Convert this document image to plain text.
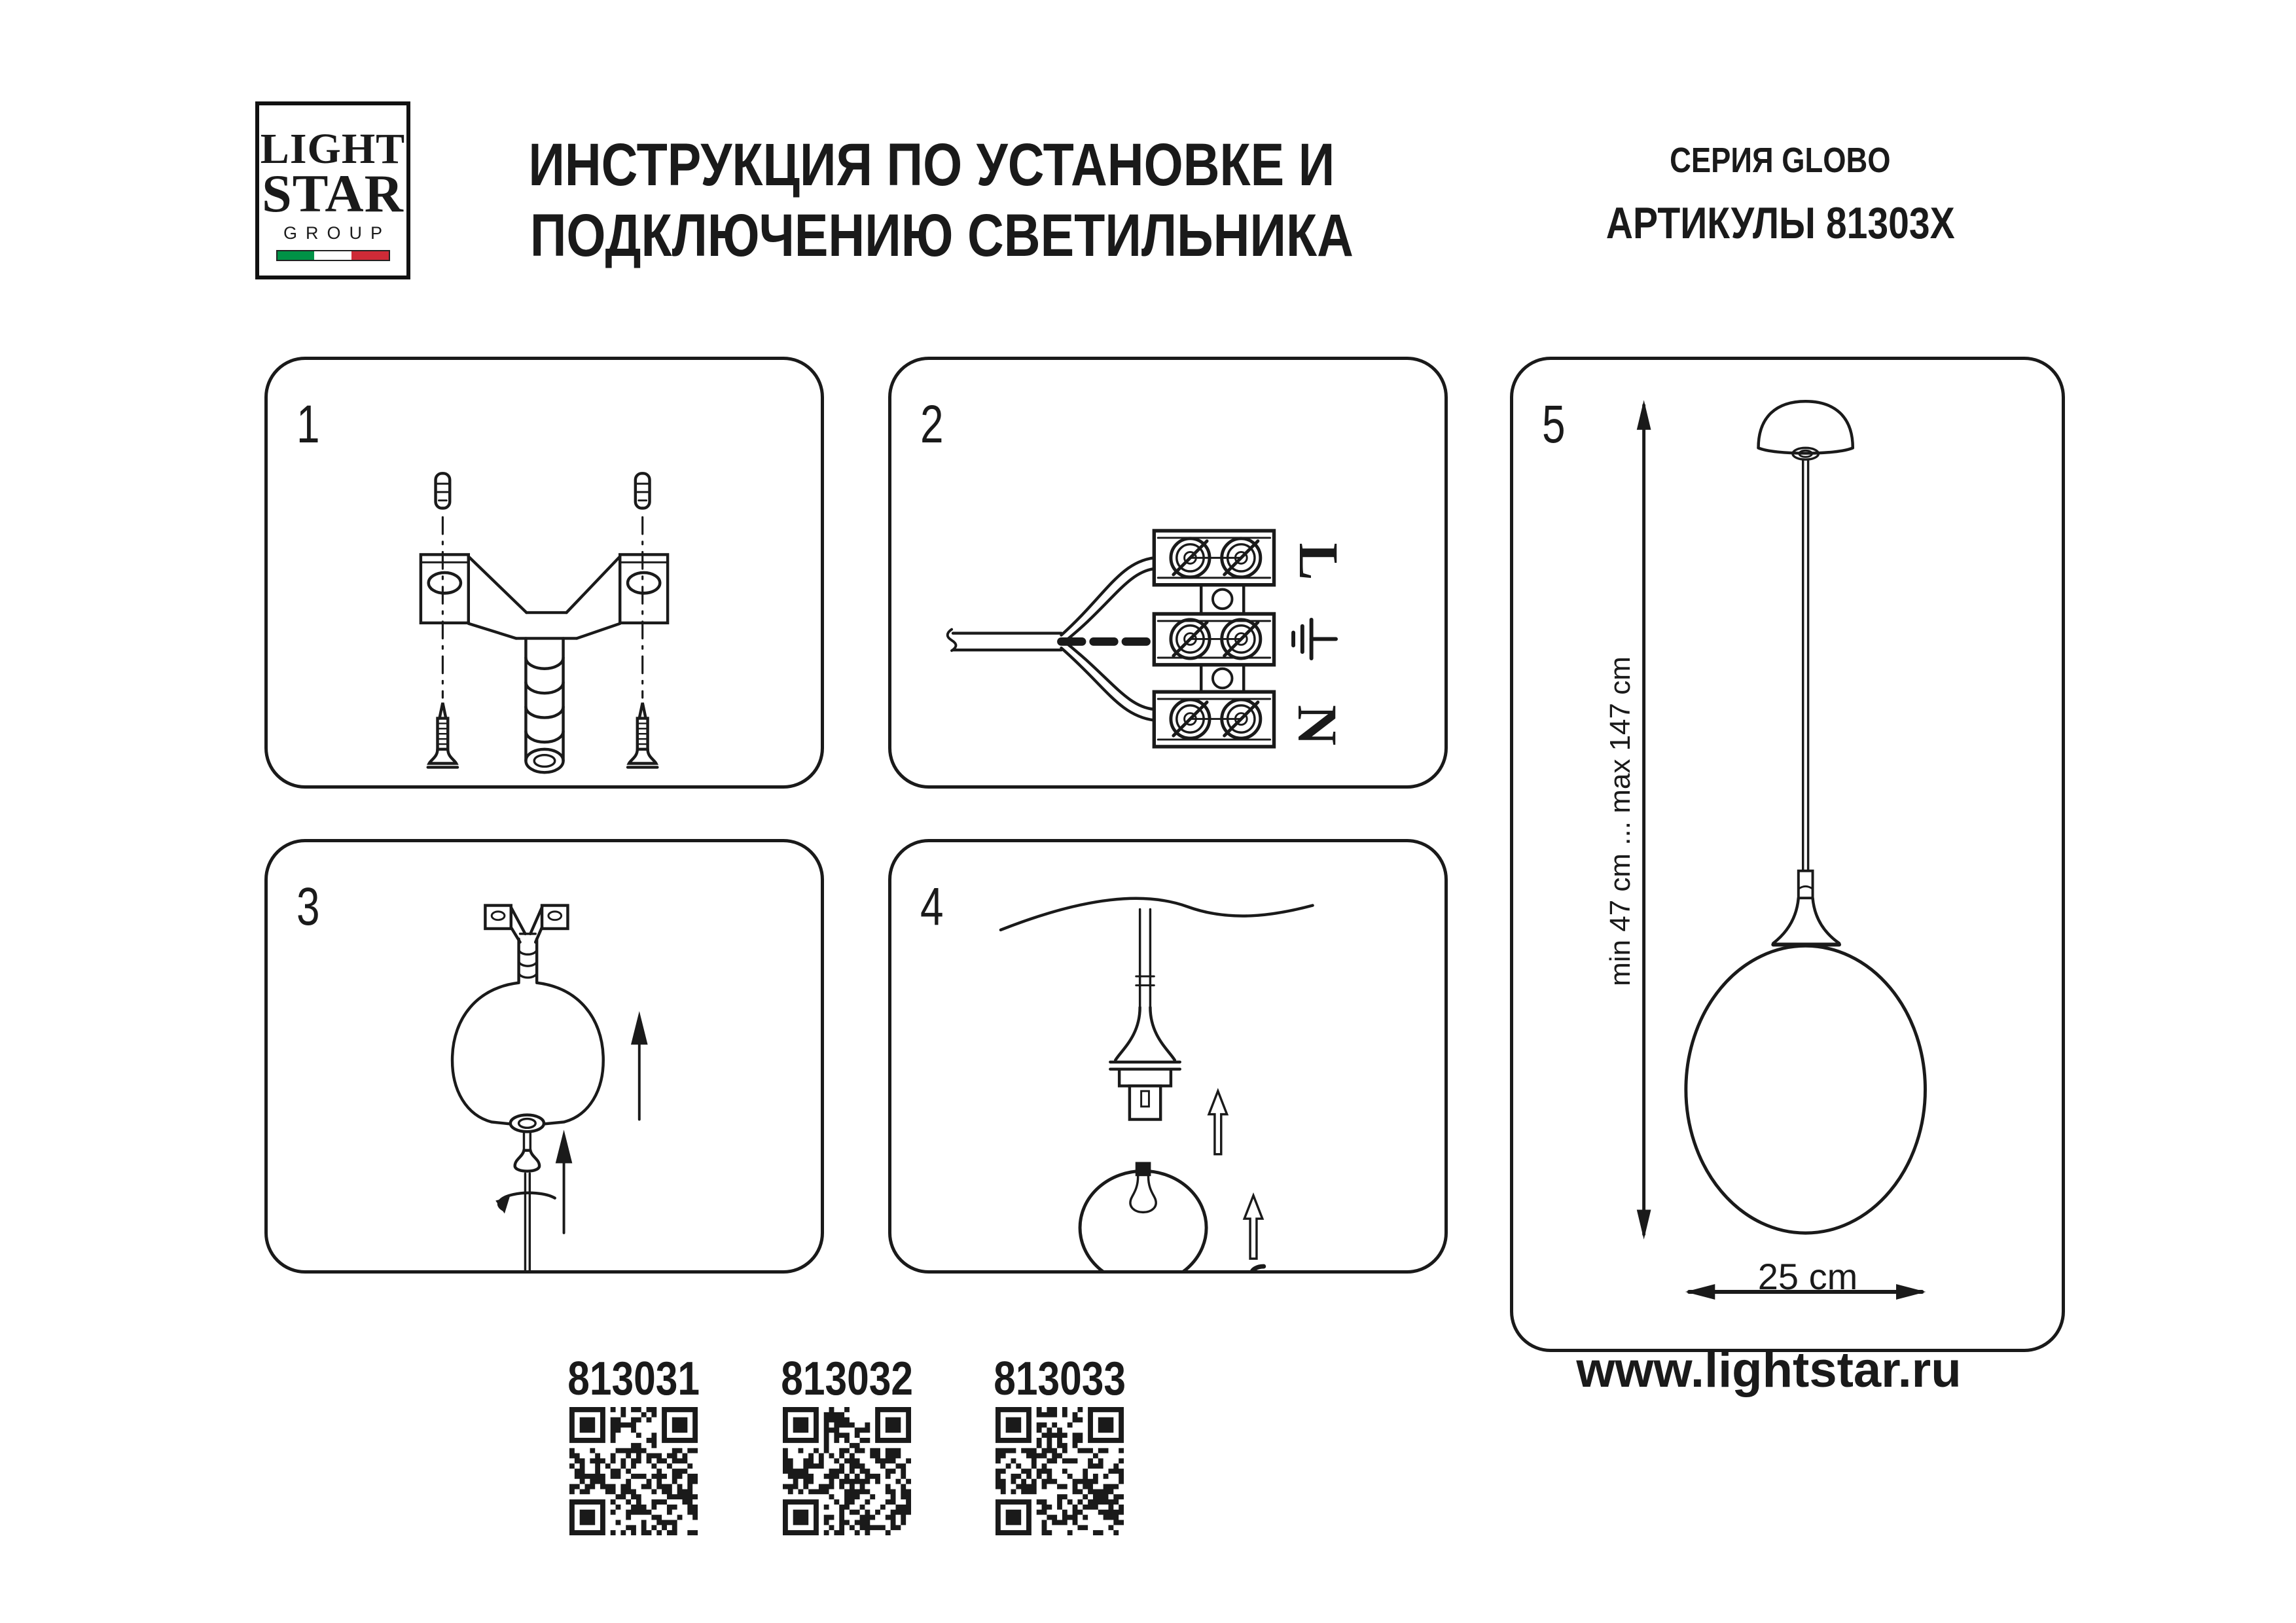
LIGHT
STAR
GROUP
ИНСТРУКЦИЯ ПО УСТАНОВКЕ И
ПОДКЛЮЧЕНИЮ СВЕТИЛЬНИКА
СЕРИЯ GLOBO
АРТИКУЛЫ 81303X
1	2
L
N
3	4
5
min 47 cm ... max 147 cm
25 cm
813031 813032 813033	www.lightstar.ru
